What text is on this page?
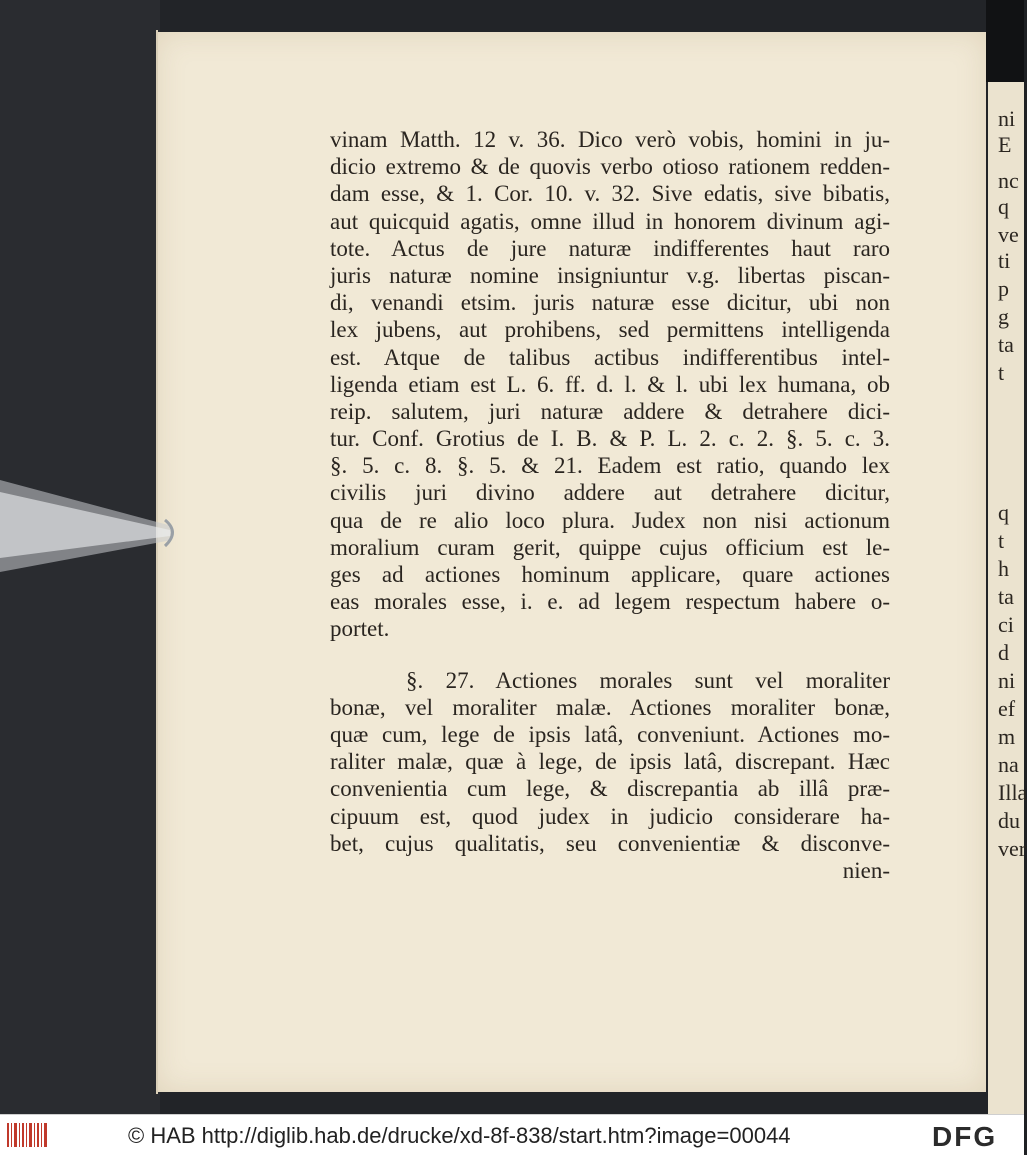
vinam Matth. 12 v. 36. Dico verò vobis, homini in ju-
dicio extremo & de quovis verbo otioso rationem redden-
dam esse, & 1. Cor. 10. v. 32. Sive edatis, sive bibatis,
aut quicquid agatis, omne illud in honorem divinum agi-
tote. Actus de jure naturæ indifferentes haut raro
juris naturæ nomine insigniuntur v.g. libertas piscan-
di, venandi etsim. juris naturæ esse dicitur, ubi non
lex jubens, aut prohibens, sed permittens intelligenda
est. Atque de talibus actibus indifferentibus intel-
ligenda etiam est L. 6. ff. d. l. & l. ubi lex humana, ob
reip. salutem, juri naturæ addere & detrahere dici-
tur. Conf. Grotius de I. B. & P. L. 2. c. 2. §. 5. c. 3.
§. 5. c. 8. §. 5. & 21. Eadem est ratio, quando lex
civilis juri divino addere aut detrahere dicitur,
qua de re alio loco plura. Judex non nisi actionum
moralium curam gerit, quippe cujus officium est le-
ges ad actiones hominum applicare, quare actiones
eas morales esse, i. e. ad legem respectum habere o-
portet.
§. 27. Actiones morales sunt vel moraliter
bonæ, vel moraliter malæ. Actiones moraliter bonæ,
quæ cum, lege de ipsis latâ, conveniunt. Actiones mo-
raliter malæ, quæ à lege, de ipsis latâ, discrepant. Hæc
convenientia cum lege, & discrepantia ab illâ præ-
cipuum est, quod judex in judicio considerare ha-
bet, cujus qualitatis, seu convenientiæ & disconve-
nien-
ni
E
nc
q
ve
ti
p
g
ta
t
q
t
h
ta
ci
d
ni
ef
m
na
Illa
du
ver
© HAB http://diglib.hab.de/drucke/xd-8f-838/start.htm?image=00044	DFG
